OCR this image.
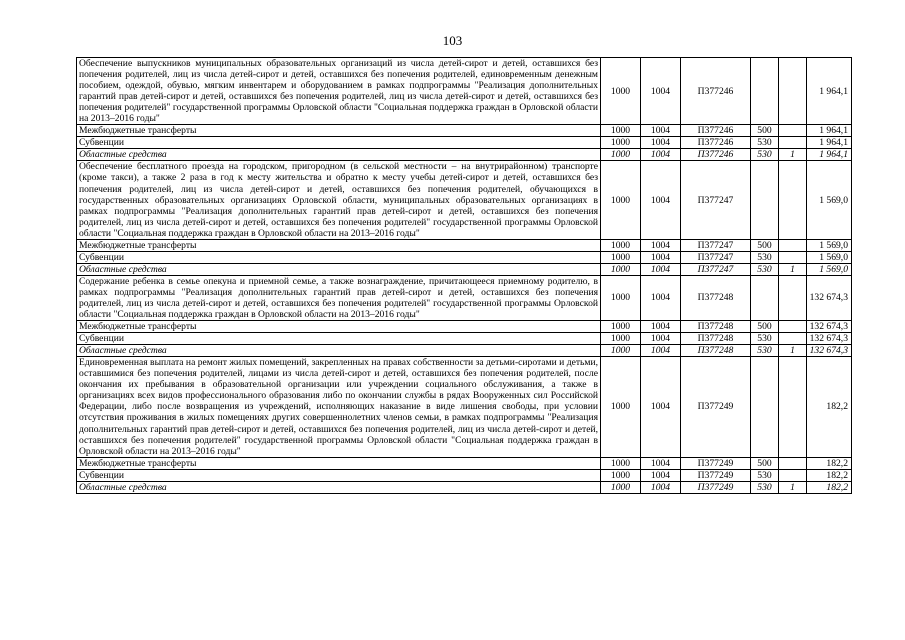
103
Обеспечение выпускников муниципальных образовательных организаций из числа детей-сирот и детей, оставшихся без попечения родителей, лиц из числа детей-сирот и детей, оставшихся без попечения родителей, единовременным денежным пособием, одеждой, обувью, мягким инвентарем и оборудованием в рамках подпрограммы "Реализация дополнительных гарантий прав детей-сирот и детей, оставшихся без попечения родителей, лиц из числа детей-сирот и детей, оставшихся без попечения родителей" государственной программы Орловской области "Социальная поддержка граждан в Орловской области на 2013–2016 годы"	1000	1004	П377246			1 964,1
Межбюджетные трансферты	1000	1004	П377246	500		1 964,1
Субвенции	1000	1004	П377246	530		1 964,1
Областные средства	1000	1004	П377246	530	1	1 964,1
Обеспечение бесплатного проезда на городском, пригородном (в сельской местности – на внутрирайонном) транспорте (кроме такси), а также 2 раза в год к месту жительства и обратно к месту учебы детей-сирот и детей, оставшихся без попечения родителей, лиц из числа детей-сирот и детей, оставшихся без попечения родителей, обучающихся в государственных образовательных организациях Орловской области, муниципальных образовательных организациях в рамках подпрограммы "Реализация дополнительных гарантий прав детей-сирот и детей, оставшихся без попечения родителей, лиц из числа детей-сирот и детей, оставшихся без попечения родителей" государственной программы Орловской области "Социальная поддержка граждан в Орловской области на 2013–2016 годы"	1000	1004	П377247			1 569,0
Межбюджетные трансферты	1000	1004	П377247	500		1 569,0
Субвенции	1000	1004	П377247	530		1 569,0
Областные средства	1000	1004	П377247	530	1	1 569,0
Содержание ребенка в семье опекуна и приемной семье, а также вознаграждение, причитающееся приемному родителю, в рамках подпрограммы "Реализация дополнительных гарантий прав детей-сирот и детей, оставшихся без попечения родителей, лиц из числа детей-сирот и детей, оставшихся без попечения родителей" государственной программы Орловской области "Социальная поддержка граждан в Орловской области на 2013–2016 годы"	1000	1004	П377248			132 674,3
Межбюджетные трансферты	1000	1004	П377248	500		132 674,3
Субвенции	1000	1004	П377248	530		132 674,3
Областные средства	1000	1004	П377248	530	1	132 674,3
Единовременная выплата на ремонт жилых помещений, закрепленных на правах собственности за детьми-сиротами и детьми, оставшимися без попечения родителей, лицами из числа детей-сирот и детей, оставшихся без попечения родителей, после окончания их пребывания в образовательной организации или учреждении социального обслуживания, а также в организациях всех видов профессионального образования либо по окончании службы в рядах Вооруженных сил Российской Федерации, либо после возвращения из учреждений, исполняющих наказание в виде лишения свободы, при условии отсутствия проживания в жилых помещениях других совершеннолетних членов семьи, в рамках подпрограммы "Реализация дополнительных гарантий прав детей-сирот и детей, оставшихся без попечения родителей, лиц из числа детей-сирот и детей, оставшихся без попечения родителей" государственной программы Орловской области "Социальная поддержка граждан в Орловской области на 2013–2016 годы"	1000	1004	П377249			182,2
Межбюджетные трансферты	1000	1004	П377249	500		182,2
Субвенции	1000	1004	П377249	530		182,2
Областные средства	1000	1004	П377249	530	1	182,2
